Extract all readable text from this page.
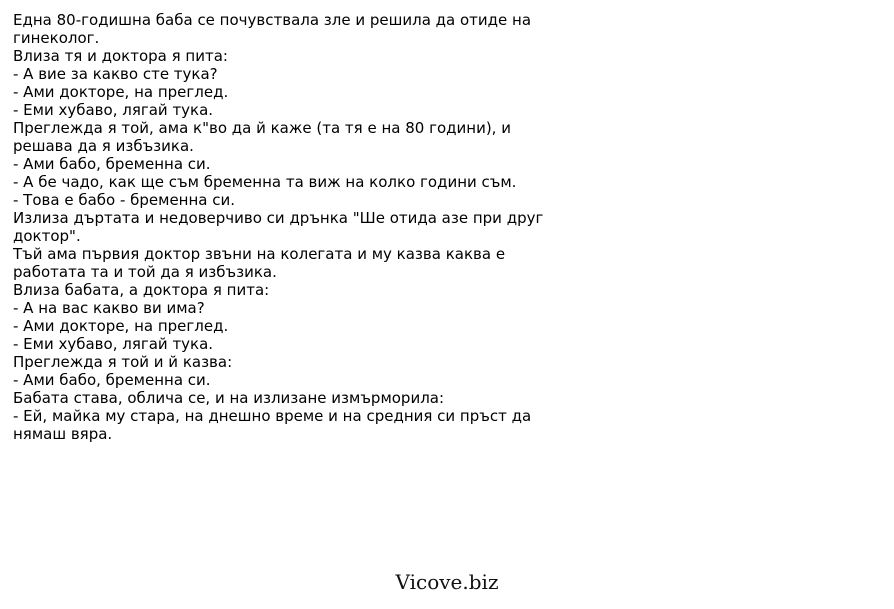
Една 80-годишна баба се почувствала зле и решила да отиде на гинеколог.
Влиза тя и доктора я пита:
- А вие за какво сте тука?
- Ами докторе, на преглед.
- Еми хубаво, лягай тука.
Преглежда я той, ама к"во да й каже (та тя е на 80 години), и решава да я избъзика.
- Ами бабо, бременна си.
- А бе чадо, как ще съм бременна та виж на колко години съм.
- Това е бабо - бременна си.
Излиза дъртата и недоверчиво си дрънка "Ше отида азе при друг доктор".
Тъй ама първия доктор звъни на колегата и му казва каква е работата та и той да я избъзика.
Влиза бабата, а доктора я пита:
- А на вас какво ви има?
- Ами докторе, на преглед.
- Еми хубаво, лягай тука.
Преглежда я той и й казва:
- Ами бабо, бременна си.
Бабата става, облича се, и на излизане измърморила:
- Ей, майка му стара, на днешно време и на средния си пръст да нямаш вяра.
Vicove.biz
